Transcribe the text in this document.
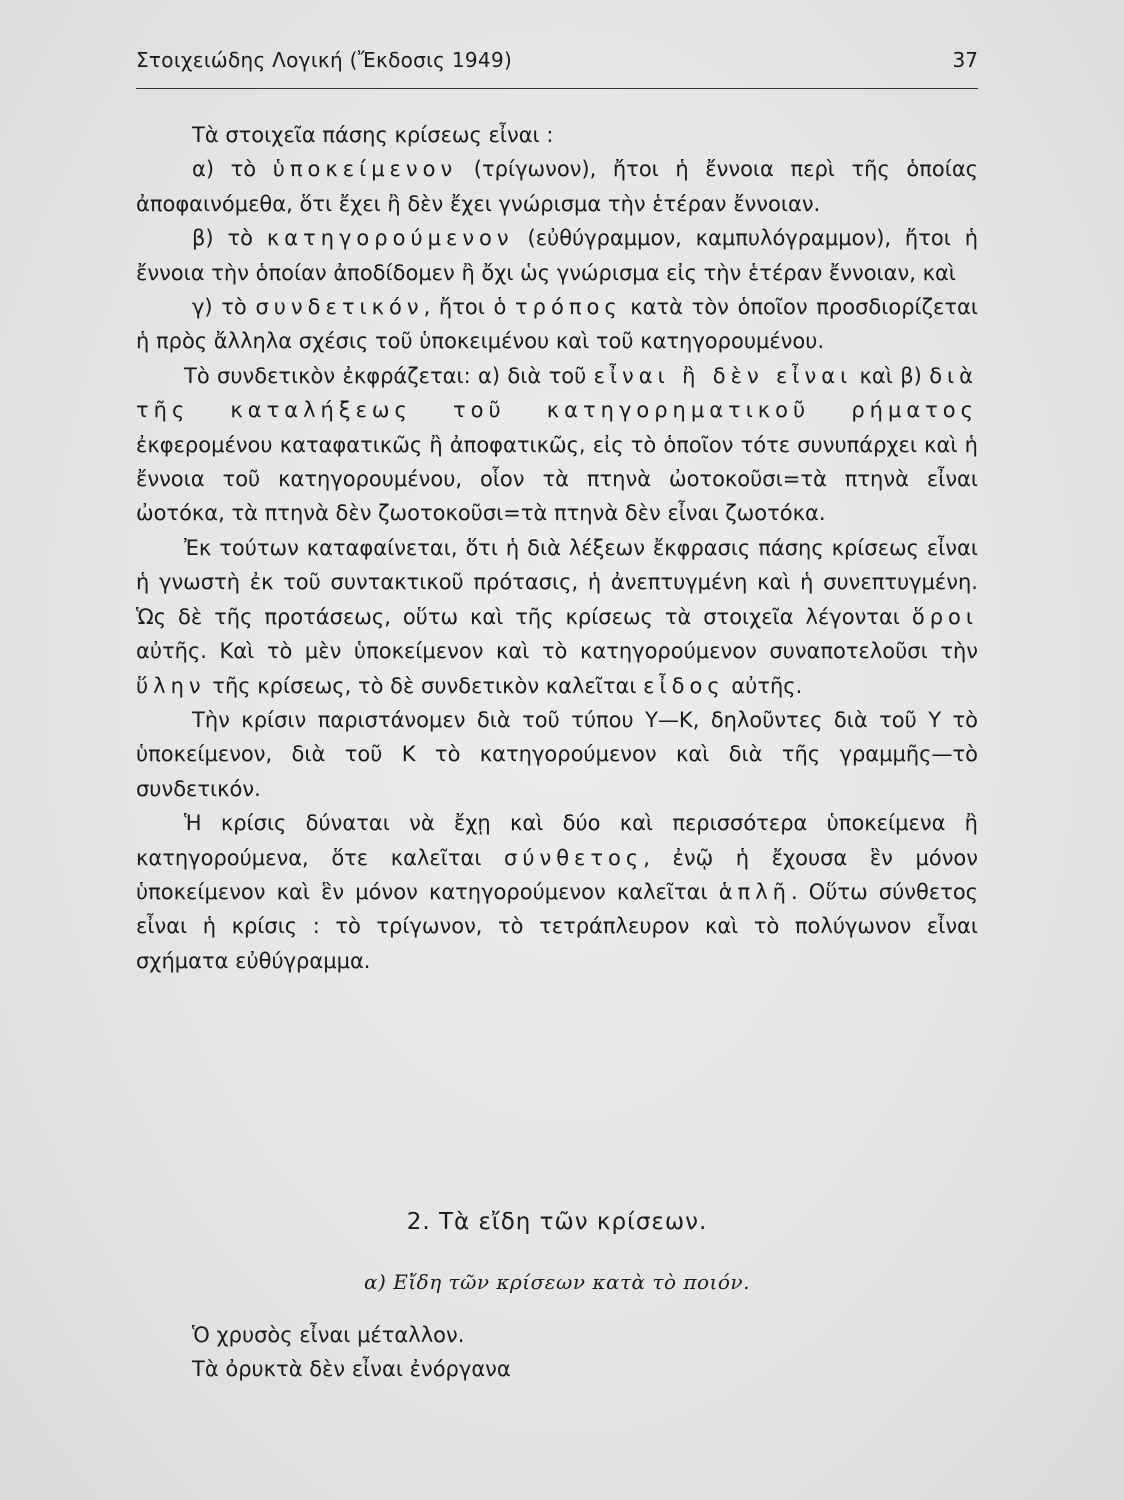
Στοιχειώδης Λογική (Ἔκδοσις 1949)	37

Τὰ στοιχεῖα πάσης κρίσεως εἶναι :

α) τὸ ὑποκείμενον (τρίγωνον), ἤτοι ἡ ἔννοια περὶ τῆς ὁποίας ἀποφαινόμεθα, ὅτι ἔχει ἢ δὲν ἔχει γνώρισμα τὴν ἑτέραν ἔννοιαν.

β) τὸ κατηγορούμενον (εὐθύγραμμον, καμπυλόγραμμον), ἤτοι ἡ ἔννοια τὴν ὁποίαν ἀποδίδομεν ἢ ὄχι ὡς γνώρισμα εἰς τὴν ἑτέραν ἔννοιαν, καὶ

γ) τὸ συνδετικόν, ἤτοι ὁ τρόπος κατὰ τὸν ὁποῖον προσδιορίζεται ἡ πρὸς ἄλληλα σχέσις τοῦ ὑποκειμένου καὶ τοῦ κατηγορουμένου.

Τὸ συνδετικὸν ἐκφράζεται: α) διὰ τοῦ εἶναι ἢ δὲν εἶναι καὶ β) διὰ τῆς καταλήξεως τοῦ κατηγορηματικοῦ ρήματος ἐκφερομένου καταφατικῶς ἢ ἀποφατικῶς, εἰς τὸ ὁποῖον τότε συνυπάρχει καὶ ἡ ἔννοια τοῦ κατηγορουμένου, οἷον τὰ πτηνὰ ὠοτοκοῦσι=τὰ πτηνὰ εἶναι ὠοτόκα, τὰ πτηνὰ δὲν ζωοτοκοῦσι=τὰ πτηνὰ δὲν εἶναι ζωοτόκα.

Ἐκ τούτων καταφαίνεται, ὅτι ἡ διὰ λέξεων ἔκφρασις πάσης κρίσεως εἶναι ἡ γνωστὴ ἐκ τοῦ συντακτικοῦ πρότασις, ἡ ἀνεπτυγμένη καὶ ἡ συνεπτυγμένη. Ὡς δὲ τῆς προτάσεως, οὕτω καὶ τῆς κρίσεως τὰ στοιχεῖα λέγονται ὅροι αὐτῆς. Καὶ τὸ μὲν ὑποκείμενον καὶ τὸ κατηγορούμενον συναποτελοῦσι τὴν ὕλην τῆς κρίσεως, τὸ δὲ συνδετικὸν καλεῖται εἶδος αὐτῆς.

Τὴν κρίσιν παριστάνομεν διὰ τοῦ τύπου Υ—Κ, δηλοῦντες διὰ τοῦ Υ τὸ ὑποκείμενον, διὰ τοῦ Κ τὸ κατηγορούμενον καὶ διὰ τῆς γραμμῆς—τὸ συνδετικόν.

Ἡ κρίσις δύναται νὰ ἔχῃ καὶ δύο καὶ περισσότερα ὑποκείμενα ἢ κατηγορούμενα, ὅτε καλεῖται σύνθετος, ἐνῷ ἡ ἔχουσα ἓν μόνον ὑποκείμενον καὶ ἓν μόνον κατηγορούμενον καλεῖται ἁπλῆ. Οὕτω σύνθετος εἶναι ἡ κρίσις : τὸ τρίγωνον, τὸ τετράπλευρον καὶ τὸ πολύγωνον εἶναι σχήματα εὐθύγραμμα.

2. Τὰ εἴδη τῶν κρίσεων.
α) Εἴδη τῶν κρίσεων κατὰ τὸ ποιόν.
Ὁ χρυσὸς εἶναι μέταλλον.
Τὰ ὀρυκτὰ δὲν εἶναι ἐνόργανα
